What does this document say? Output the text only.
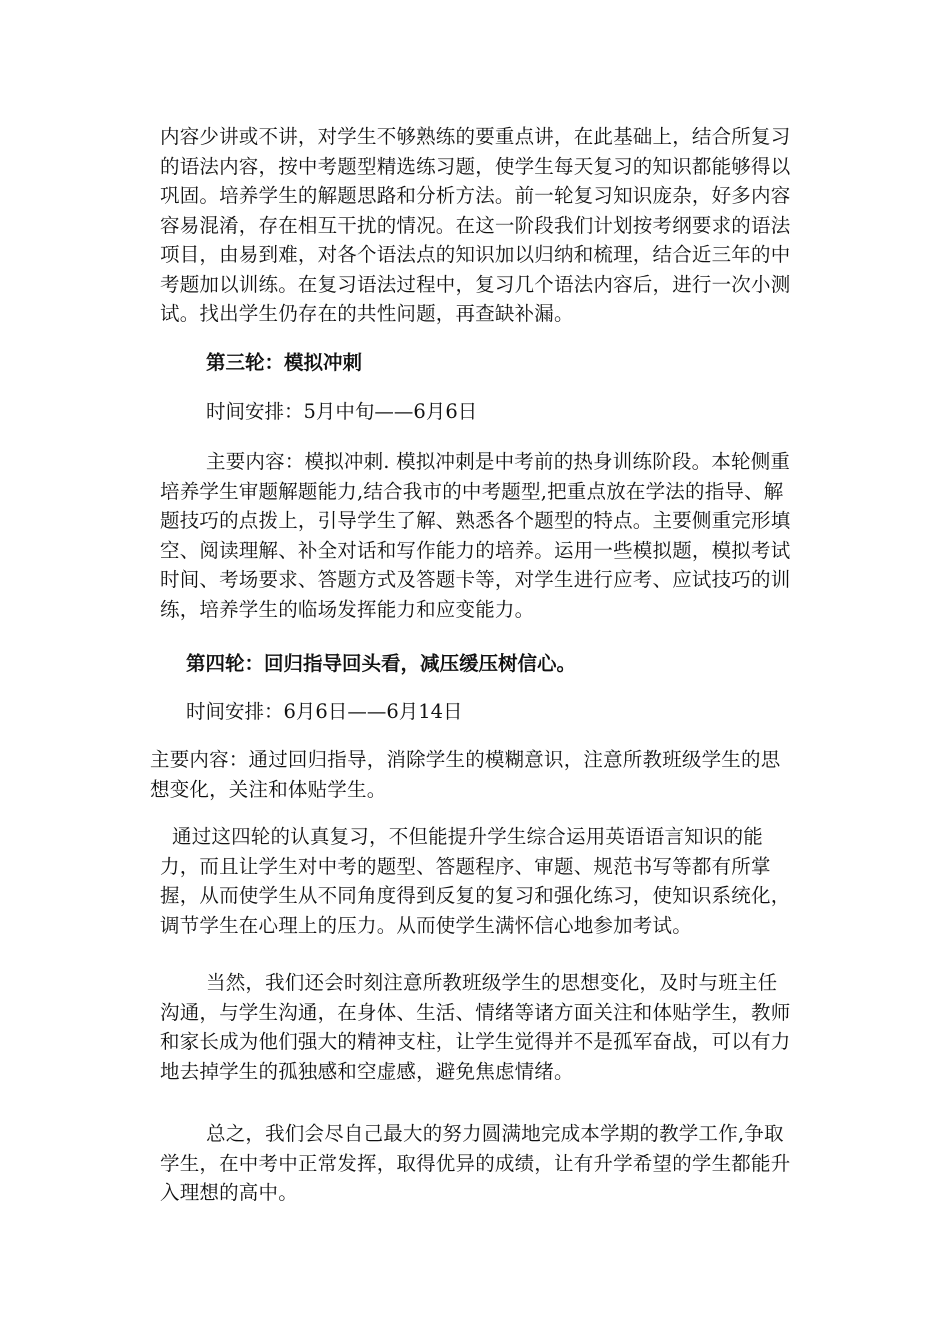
内容少讲或不讲，对学生不够熟练的要重点讲，在此基础上，结合所复习的语法内容，按中考题型精选练习题，使学生每天复习的知识都能够得以巩固。培养学生的解题思路和分析方法。前一轮复习知识庞杂，好多内容容易混淆，存在相互干扰的情况。在这一阶段我们计划按考纲要求的语法项目，由易到难，对各个语法点的知识加以归纳和梳理，结合近三年的中考题加以训练。在复习语法过程中，复习几个语法内容后，进行一次小测试。找出学生仍存在的共性问题，再查缺补漏。

第三轮：模拟冲刺

时间安排：5月中旬——6月6日

主要内容：模拟冲刺. 模拟冲刺是中考前的热身训练阶段。本轮侧重培养学生审题解题能力,结合我市的中考题型,把重点放在学法的指导、解题技巧的点拨上，引导学生了解、熟悉各个题型的特点。主要侧重完形填空、阅读理解、补全对话和写作能力的培养。运用一些模拟题，模拟考试时间、考场要求、答题方式及答题卡等，对学生进行应考、应试技巧的训练，培养学生的临场发挥能力和应变能力。

第四轮：回归指导回头看，减压缓压树信心。

时间安排：6月6日——6月14日

主要内容：通过回归指导，消除学生的模糊意识，注意所教班级学生的思想变化，关注和体贴学生。

通过这四轮的认真复习，不但能提升学生综合运用英语语言知识的能力，而且让学生对中考的题型、答题程序、审题、规范书写等都有所掌握，从而使学生从不同角度得到反复的复习和强化练习，使知识系统化，调节学生在心理上的压力。从而使学生满怀信心地参加考试。

当然，我们还会时刻注意所教班级学生的思想变化，及时与班主任沟通，与学生沟通，在身体、生活、情绪等诸方面关注和体贴学生，教师和家长成为他们强大的精神支柱，让学生觉得并不是孤军奋战，可以有力地去掉学生的孤独感和空虚感，避免焦虑情绪。

总之，我们会尽自己最大的努力圆满地完成本学期的教学工作,争取学生，在中考中正常发挥，取得优异的成绩，让有升学希望的学生都能升入理想的高中。
